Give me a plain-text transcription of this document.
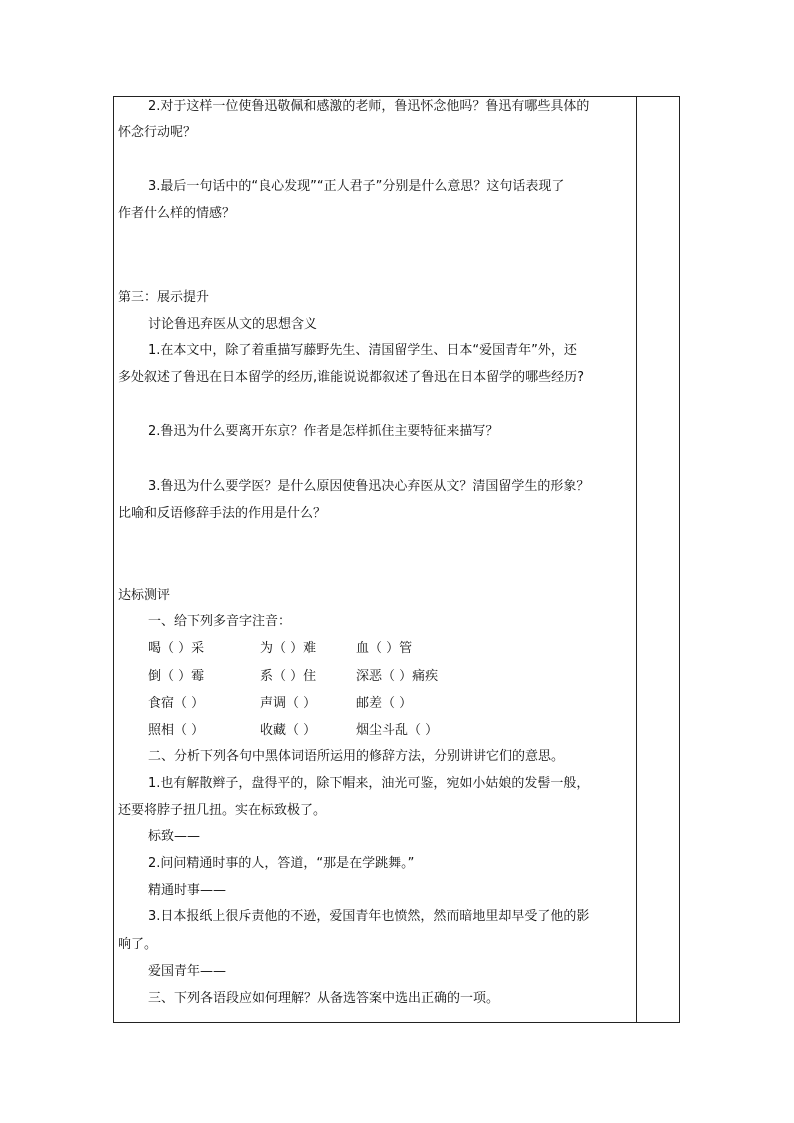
2.对于这样一位使鲁迅敬佩和感激的老师，鲁迅怀念他吗？鲁迅有哪些具体的
怀念行动呢？
3.最后一句话中的“良心发现”“正人君子”分别是什么意思？这句话表现了
作者什么样的情感？
第三：展示提升
讨论鲁迅弃医从文的思想含义
1.在本文中，除了着重描写藤野先生、清国留学生、日本“爱国青年”外，还
多处叙述了鲁迅在日本留学的经历,谁能说说都叙述了鲁迅在日本留学的哪些经历?
2.鲁迅为什么要离开东京？作者是怎样抓住主要特征来描写？
3.鲁迅为什么要学医？是什么原因使鲁迅决心弃医从文？清国留学生的形象？
比喻和反语修辞手法的作用是什么？
达标测评
一、给下列多音字注音：
喝（ ）采	为（ ）难	血（ ）管
倒（ ）霉	系（ ）住	深恶（ ）痛疾
食宿（ ）	声调（ ）	邮差（ ）
照相（ ）	收藏（ ）	烟尘斗乱（ ）
二、分析下列各句中黑体词语所运用的修辞方法，分别讲讲它们的意思。
1.也有解散辫子，盘得平的，除下帽来，油光可鉴，宛如小姑娘的发髻一般，
还要将脖子扭几扭。实在标致极了。
标致——
2.问问精通时事的人，答道，“那是在学跳舞。”
精通时事——
3.日本报纸上很斥责他的不逊，爱国青年也愤然，然而暗地里却早受了他的影
响了。
爱国青年——
三、下列各语段应如何理解？从备选答案中选出正确的一项。
